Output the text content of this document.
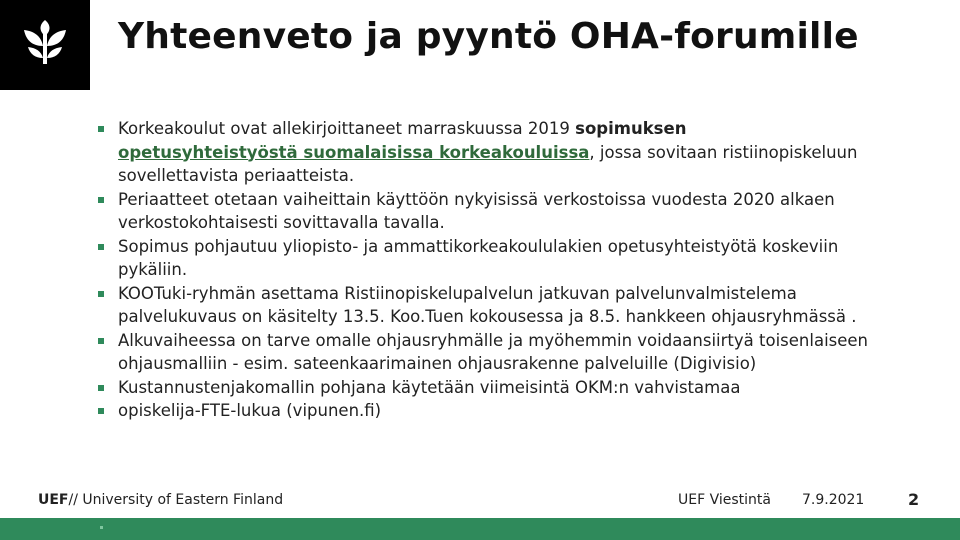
Yhteenveto ja pyyntö OHA-forumille
Korkeakoulut ovat allekirjoittaneet marraskuussa 2019 sopimuksen
opetusyhteistyöstä suomalaisissa korkeakouluissa, jossa sovitaan ristiinopiskeluun sovellettavista periaatteista.
Periaatteet otetaan vaiheittain käyttöön nykyisissä verkostoissa vuodesta 2020 alkaen verkostokohtaisesti sovittavalla tavalla.
Sopimus pohjautuu yliopisto- ja ammattikorkeakoululakien opetusyhteistyötä koskeviin pykäliin.
KOOTuki-ryhmän asettama Ristiinopiskelupalvelun jatkuvan palvelunvalmistelema palvelukuvaus on käsitelty 13.5. Koo.Tuen kokousessa ja 8.5. hankkeen ohjausryhmässä .
Alkuvaiheessa on tarve omalle ohjausryhmälle ja myöhemmin voidaansiirtyä toisenlaiseen ohjausmalliin - esim. sateenkaarimainen ohjausrakenne palveluille (Digivisio)
Kustannustenjakomallin pohjana käytetään viimeisintä OKM:n vahvistamaa
opiskelija-FTE-lukua (vipunen.fi)
UEF// University of Eastern Finland	UEF Viestintä 7.9.2021	2
